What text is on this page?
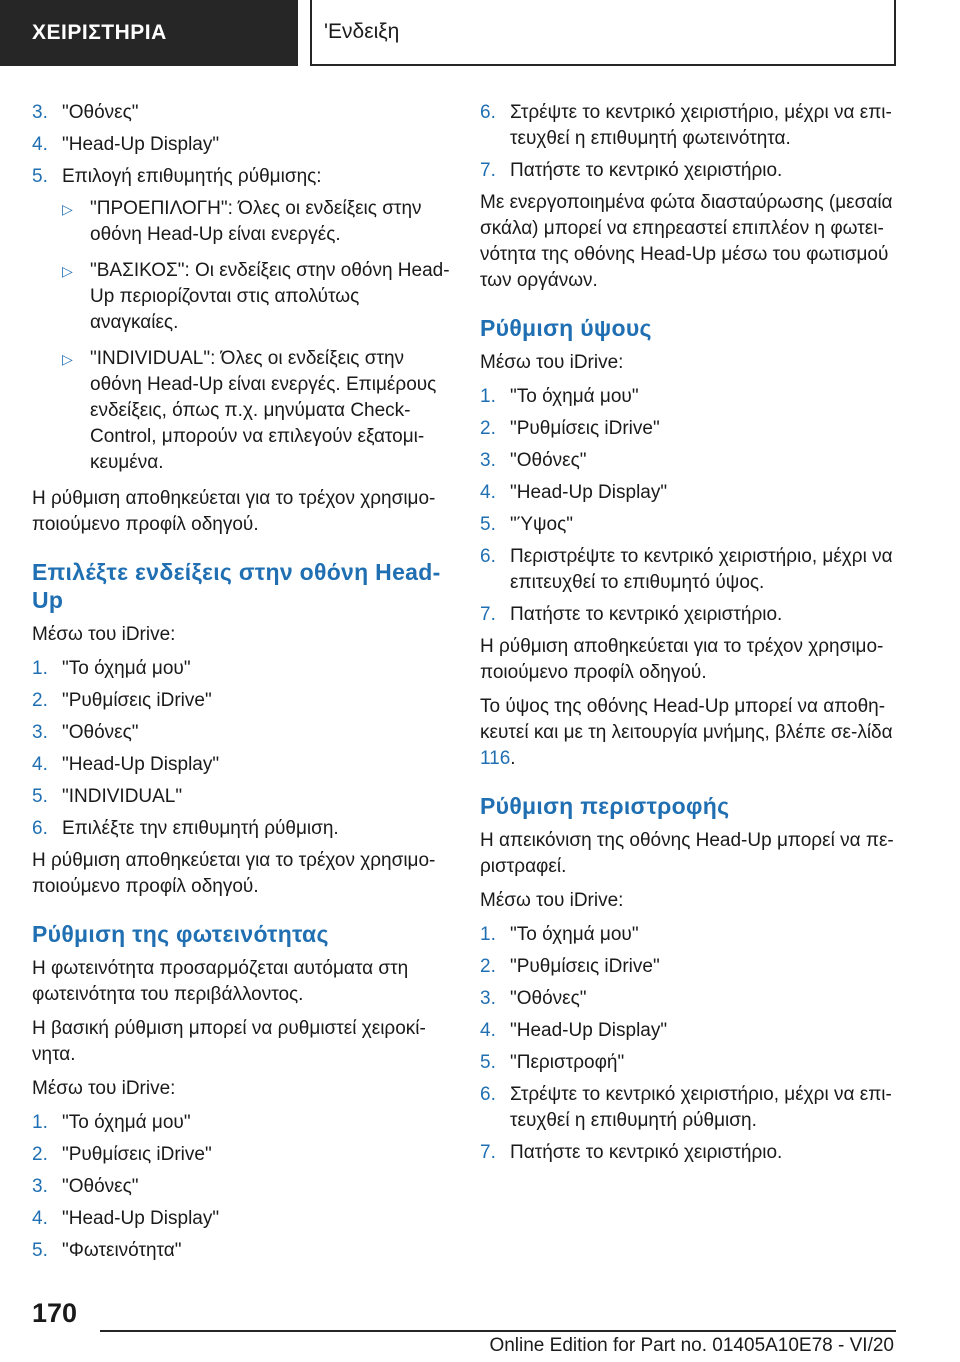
ΧΕΙΡΙΣΤΗΡΙΑ	'Ενδειξη
3. "Οθόνες"
4. "Head-Up Display"
5. Επιλογή επιθυμητής ρύθμισης:
▷ "ΠΡΟΕΠΙΛΟΓΗ": Όλες οι ενδείξεις στην οθόνη Head-Up είναι ενεργές.
▷ "ΒΑΣΙΚΟΣ": Οι ενδείξεις στην οθόνη Head-Up περιορίζονται στις απολύτως αναγκαίες.
▷ "INDIVIDUAL": Όλες οι ενδείξεις στην οθόνη Head-Up είναι ενεργές. Επιμέρους ενδείξεις, όπως π.χ. μηνύματα Check-Control, μπορούν να επιλεγούν εξατομι-κευμένα.
Η ρύθμιση αποθηκεύεται για το τρέχον χρησιμο-ποιούμενο προφίλ οδηγού.
Επιλέξτε ενδείξεις στην οθόνη Head-Up
Μέσω του iDrive:
1. "Το όχημά μου"
2. "Ρυθμίσεις iDrive"
3. "Οθόνες"
4. "Head-Up Display"
5. "INDIVIDUAL"
6. Επιλέξτε την επιθυμητή ρύθμιση.
Η ρύθμιση αποθηκεύεται για το τρέχον χρησιμο-ποιούμενο προφίλ οδηγού.
Ρύθμιση της φωτεινότητας
Η φωτεινότητα προσαρμόζεται αυτόματα στη φωτεινότητα του περιβάλλοντος.
Η βασική ρύθμιση μπορεί να ρυθμιστεί χειροκί-νητα.
Μέσω του iDrive:
1. "Το όχημά μου"
2. "Ρυθμίσεις iDrive"
3. "Οθόνες"
4. "Head-Up Display"
5. "Φωτεινότητα"
6. Στρέψτε το κεντρικό χειριστήριο, μέχρι να επι-τευχθεί η επιθυμητή φωτεινότητα.
7. Πατήστε το κεντρικό χειριστήριο.
Με ενεργοποιημένα φώτα διασταύρωσης (μεσαία σκάλα) μπορεί να επηρεαστεί επιπλέον η φωτει-νότητα της οθόνης Head-Up μέσω του φωτισμού των οργάνων.
Ρύθμιση ύψους
Μέσω του iDrive:
1. "Το όχημά μου"
2. "Ρυθμίσεις iDrive"
3. "Οθόνες"
4. "Head-Up Display"
5. "Ύψος"
6. Περιστρέψτε το κεντρικό χειριστήριο, μέχρι να επιτευχθεί το επιθυμητό ύψος.
7. Πατήστε το κεντρικό χειριστήριο.
Η ρύθμιση αποθηκεύεται για το τρέχον χρησιμο-ποιούμενο προφίλ οδηγού.
Το ύψος της οθόνης Head-Up μπορεί να αποθη-κευτεί και με τη λειτουργία μνήμης, βλέπε σε-λίδα 116.
Ρύθμιση περιστροφής
Η απεικόνιση της οθόνης Head-Up μπορεί να πε-ριστραφεί.
Μέσω του iDrive:
1. "Το όχημά μου"
2. "Ρυθμίσεις iDrive"
3. "Οθόνες"
4. "Head-Up Display"
5. "Περιστροφή"
6. Στρέψτε το κεντρικό χειριστήριο, μέχρι να επι-τευχθεί η επιθυμητή ρύθμιση.
7. Πατήστε το κεντρικό χειριστήριο.
170
Online Edition for Part no. 01405A10E78 - VI/20
